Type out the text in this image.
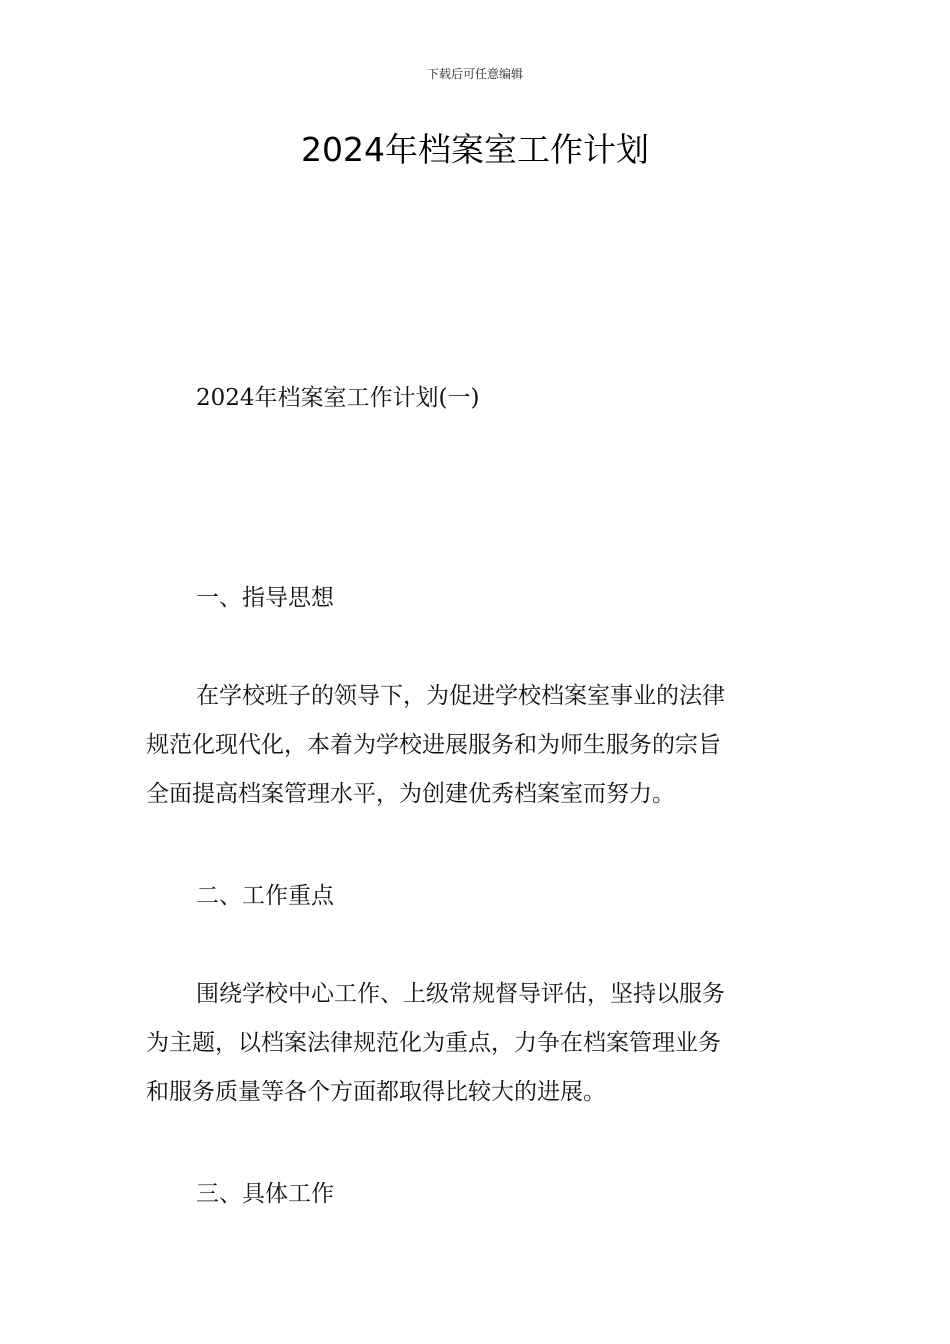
下载后可任意编辑
2024年档案室工作计划

2024年档案室工作计划(一)

一、指导思想

在学校班子的领导下，为促进学校档案室事业的法律
规范化现代化，本着为学校进展服务和为师生服务的宗旨
全面提高档案管理水平，为创建优秀档案室而努力。

二、工作重点

围绕学校中心工作、上级常规督导评估，坚持以服务
为主题，以档案法律规范化为重点，力争在档案管理业务
和服务质量等各个方面都取得比较大的进展。

三、具体工作
